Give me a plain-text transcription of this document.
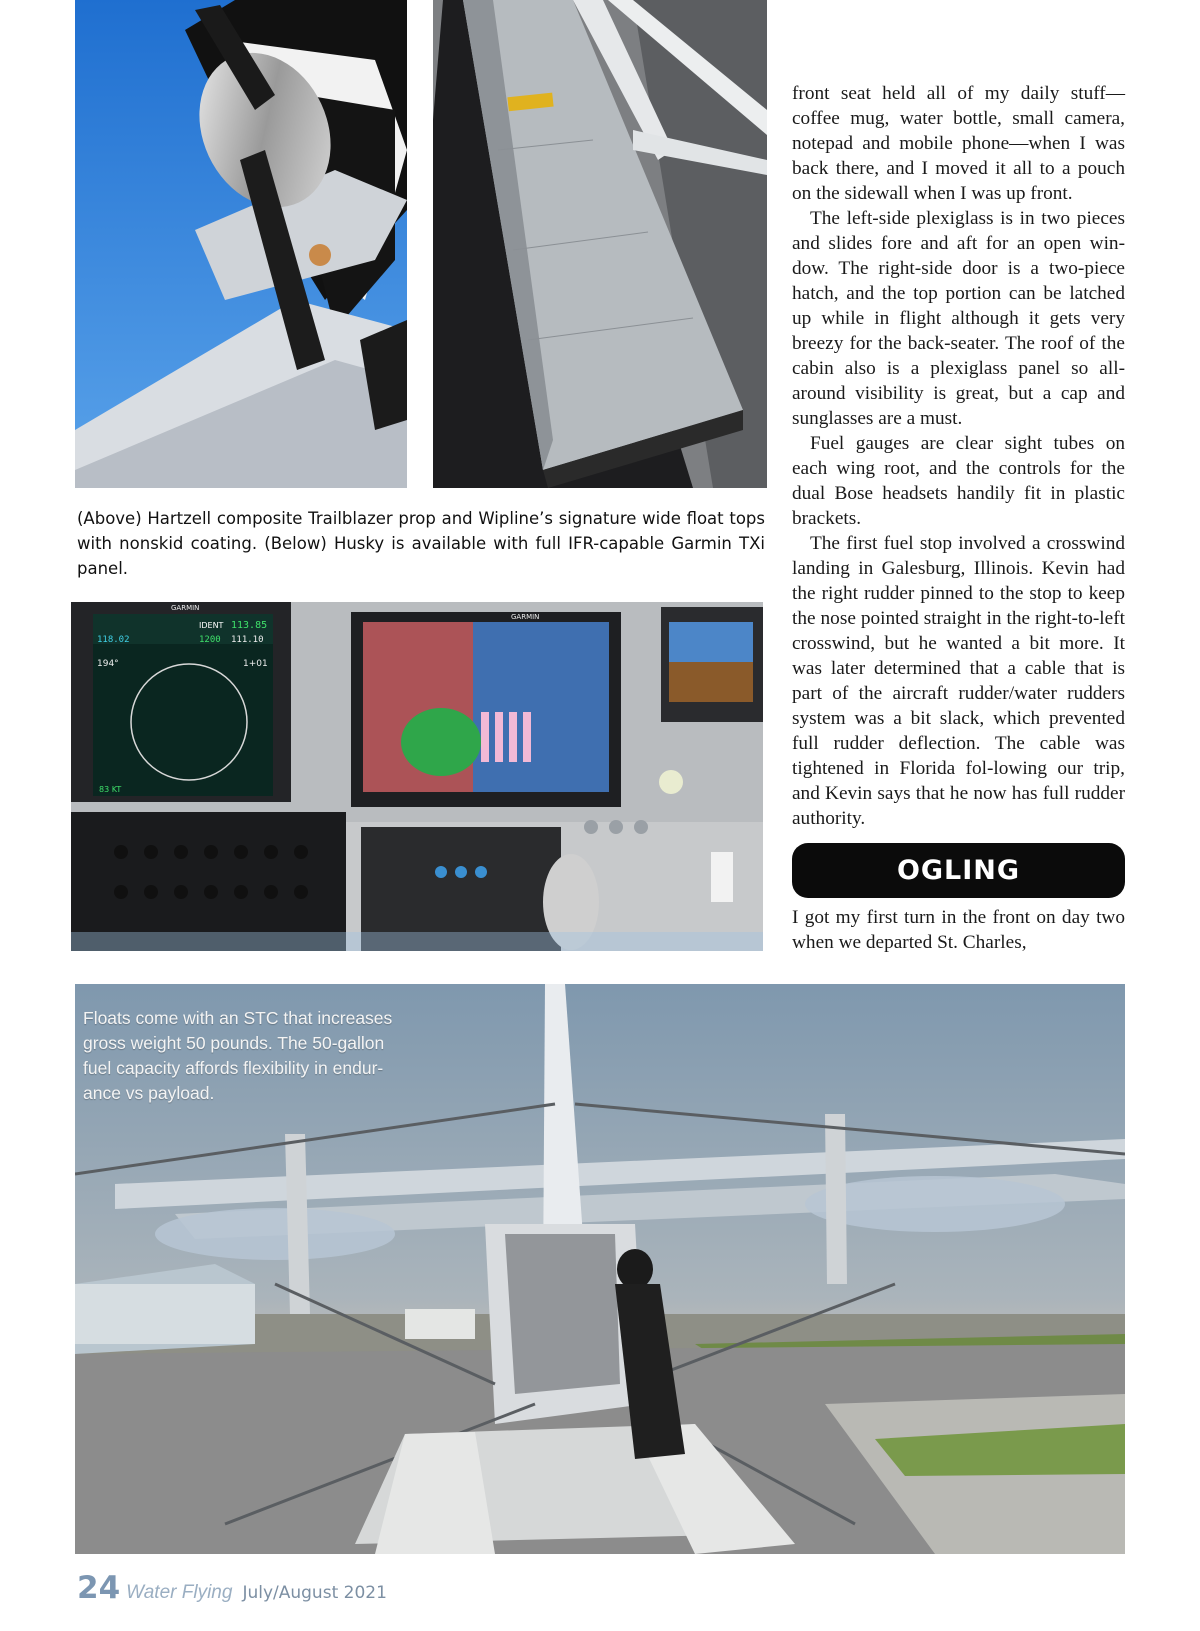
(Above) Hartzell composite Trailblazer prop and Wipline’s signature wide float tops with nonskid coating. (Below) Husky is available with full IFR-capable Garmin TXi panel.
GARMIN
113.85
IDENT
1200 111.10
118.02
194°	1+01
83 KT
GARMIN

front seat held all of my daily stuff—coffee mug, water bottle, small camera, notepad and mobile phone—when I was back there, and I moved it all to a pouch on the sidewall when I was up front.

The left-side plexiglass is in two pieces and slides fore and aft for an open win-dow. The right-side door is a two-piece hatch, and the top portion can be latched up while in flight although it gets very breezy for the back-seater. The roof of the cabin also is a plexiglass panel so all-around visibility is great, but a cap and sunglasses are a must.

Fuel gauges are clear sight tubes on each wing root, and the controls for the dual Bose headsets handily fit in plastic brackets.

The first fuel stop involved a crosswind landing in Galesburg, Illinois. Kevin had the right rudder pinned to the stop to keep the nose pointed straight in the right-to-left crosswind, but he wanted a bit more. It was later determined that a cable that is part of the aircraft rudder/water rudders system was a bit slack, which prevented full rudder deflection. The cable was tightened in Florida fol-lowing our trip, and Kevin says that he now has full rudder authority.

OGLING

I got my first turn in the front on day two when we departed St. Charles,

Floats come with an STC that increases gross weight 50 pounds. The 50-gallon fuel capacity affords flexibility in endur-ance vs payload.
24 Water Flying July/August 2021
